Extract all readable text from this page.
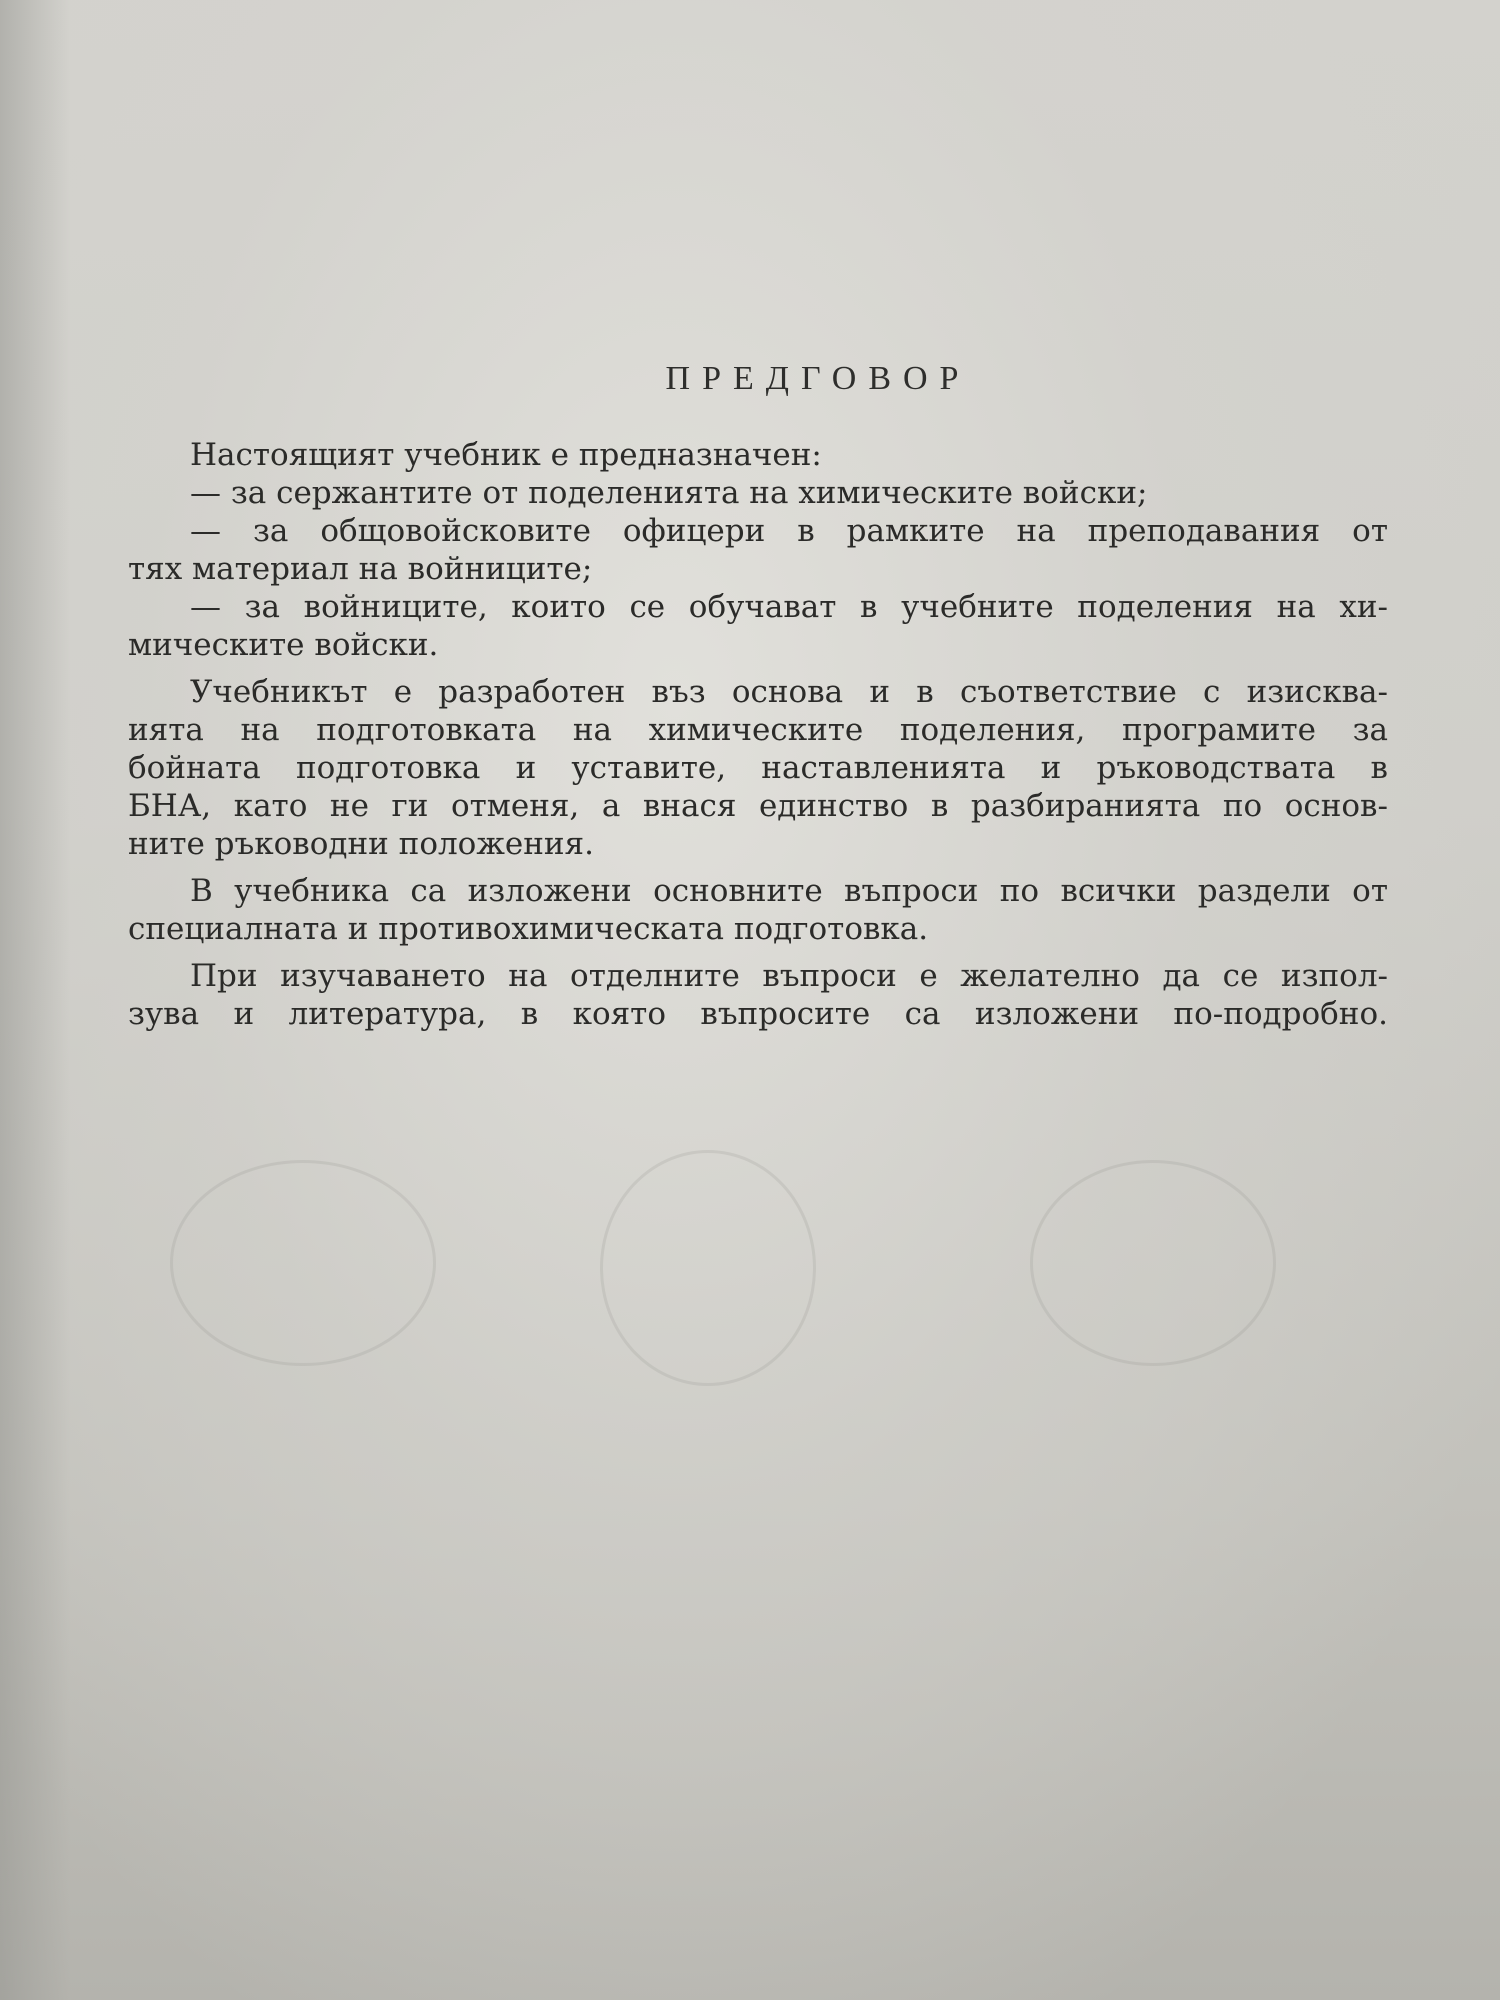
ПРЕДГОВОР
Настоящият учебник е предназначен:
— за сержантите от поделенията на химическите войски;
— за общовойсковите офицери в рамките на преподавания от
тях материал на войниците;
— за войниците, които се обучават в учебните поделения на хи-
мическите войски.
Учебникът е разработен въз основа и в съответствие с изисква-
ията на подготовката на химическите поделения, програмите за
бойната подготовка и уставите, наставленията и ръководствата в
БНА, като не ги отменя, а внася единство в разбиранията по основ-
ните ръководни положения.
В учебника са изложени основните въпроси по всички раздели от
специалната и противохимическата подготовка.
При изучаването на отделните въпроси е желателно да се изпол-
зува и литература, в която въпросите са изложени по-подробно.
